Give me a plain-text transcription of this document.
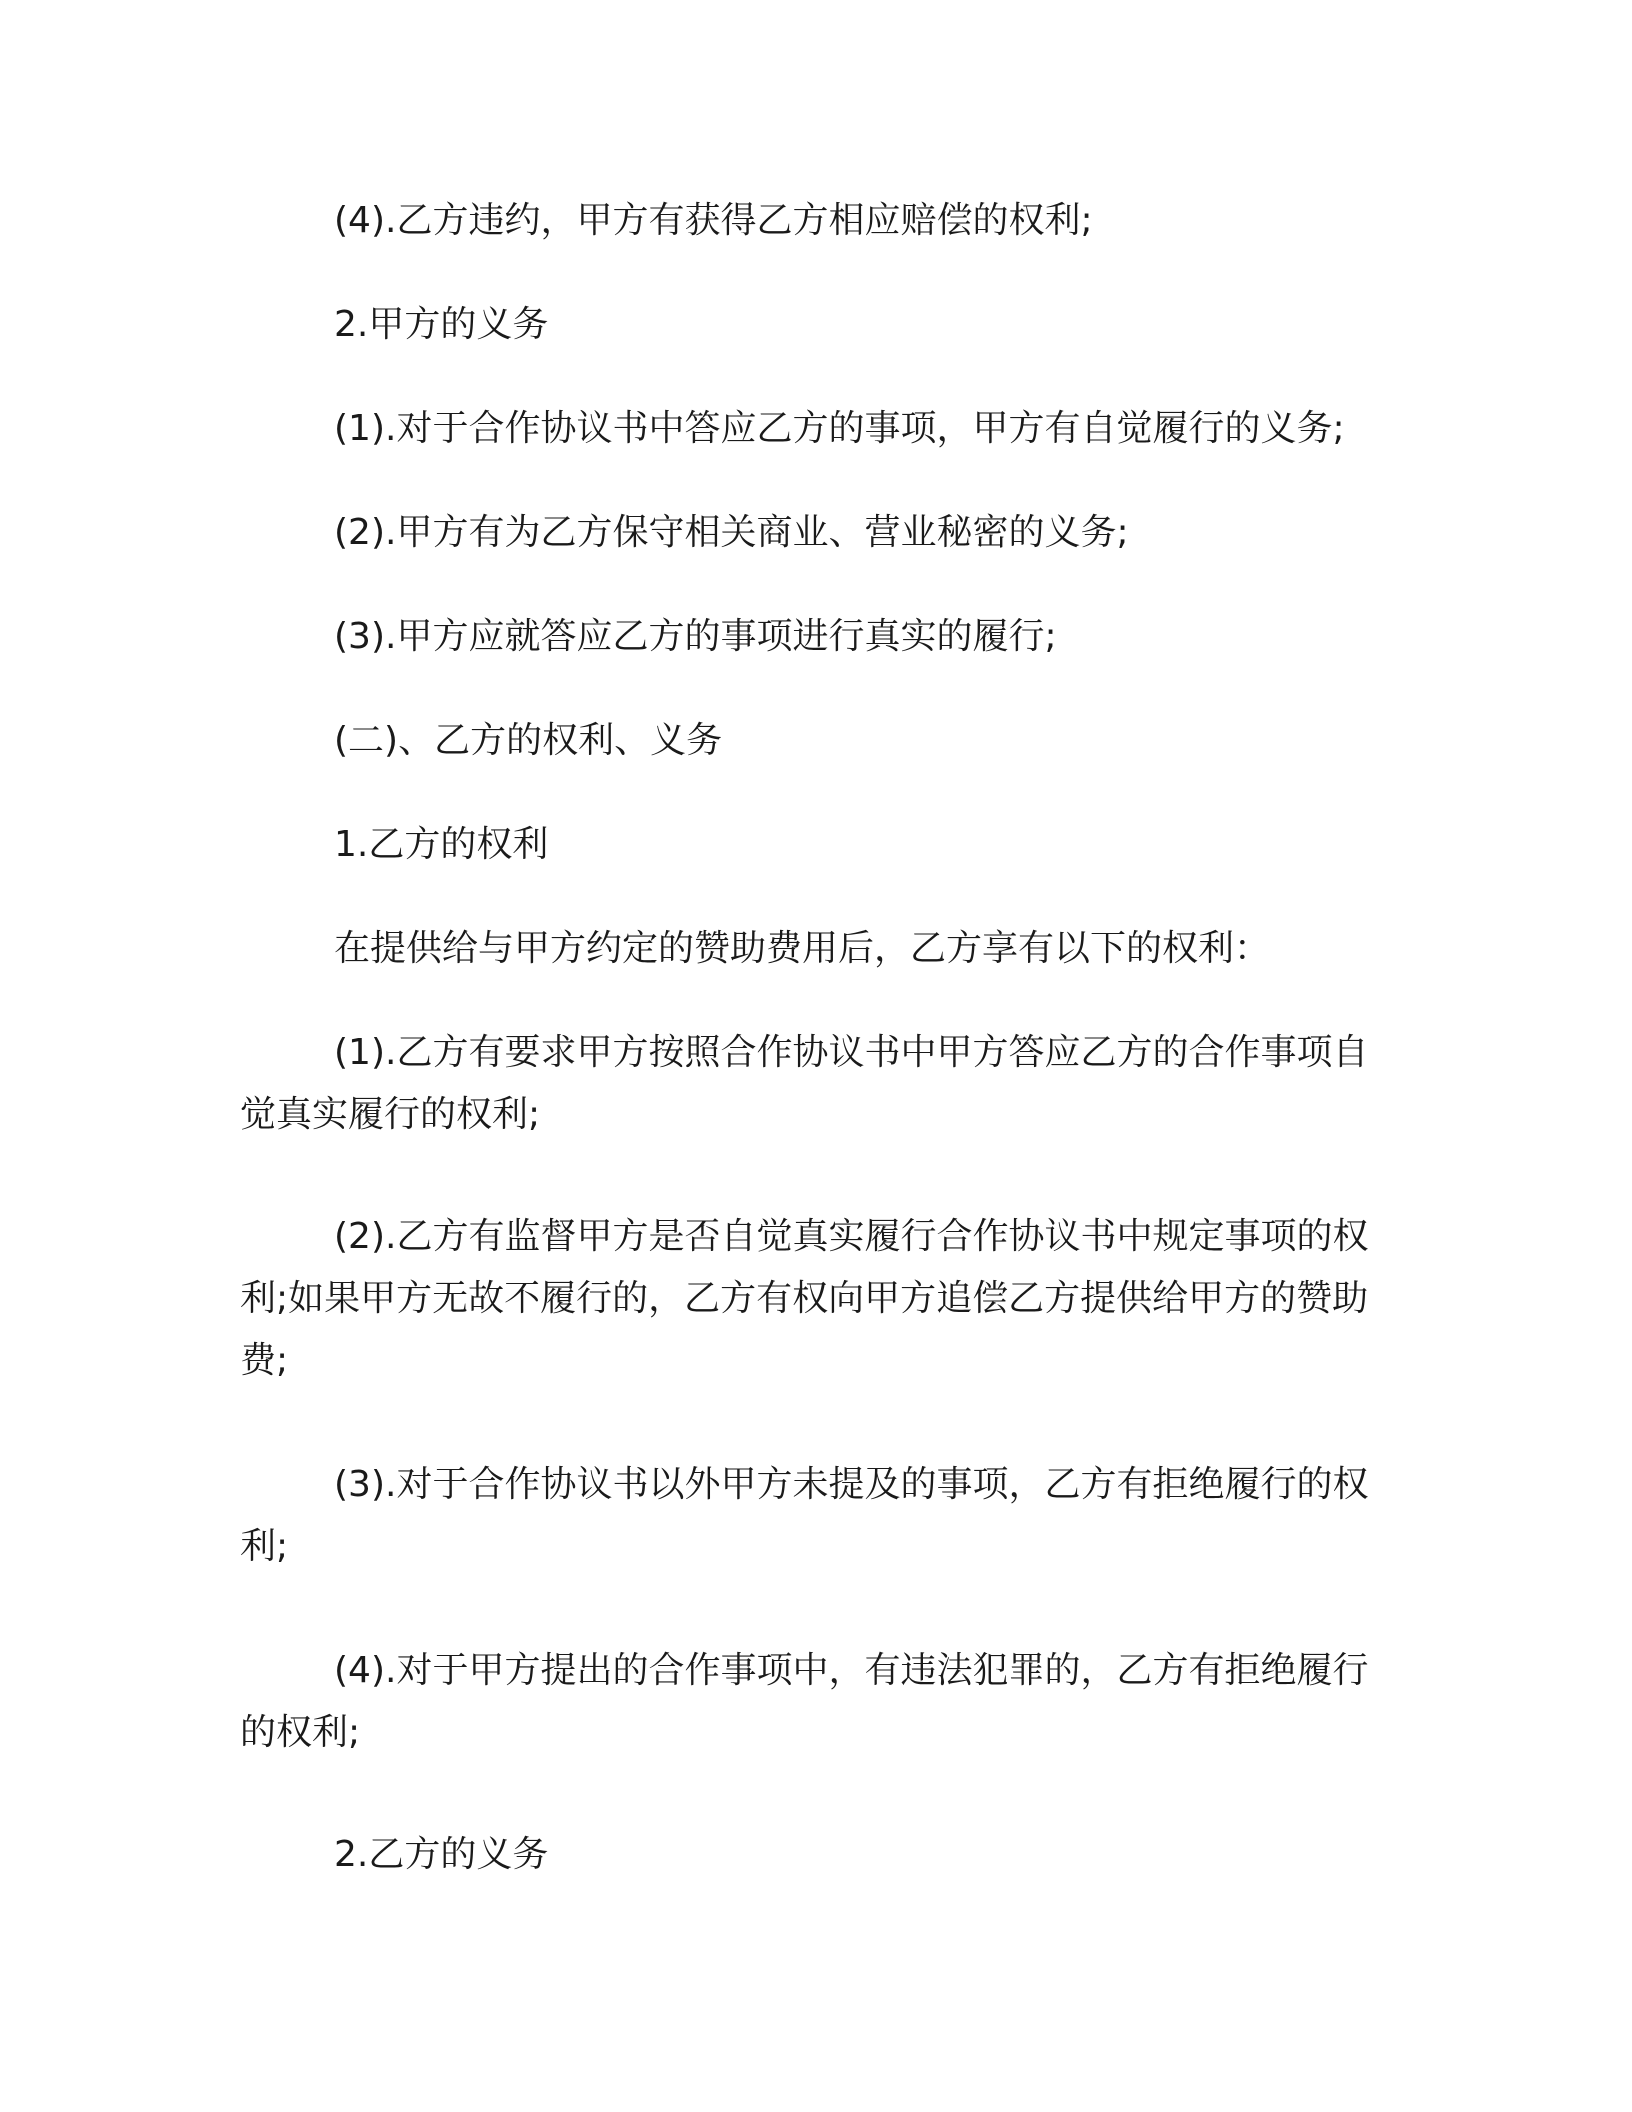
(4).乙方违约，甲方有获得乙方相应赔偿的权利;

2.甲方的义务

(1).对于合作协议书中答应乙方的事项，甲方有自觉履行的义务;

(2).甲方有为乙方保守相关商业、营业秘密的义务;

(3).甲方应就答应乙方的事项进行真实的履行;

(二)、乙方的权利、义务

1.乙方的权利

在提供给与甲方约定的赞助费用后，乙方享有以下的权利：

(1).乙方有要求甲方按照合作协议书中甲方答应乙方的合作事项自觉真实履行的权利;

(2).乙方有监督甲方是否自觉真实履行合作协议书中规定事项的权利;如果甲方无故不履行的，乙方有权向甲方追偿乙方提供给甲方的赞助费;

(3).对于合作协议书以外甲方未提及的事项，乙方有拒绝履行的权利;

(4).对于甲方提出的合作事项中，有违法犯罪的，乙方有拒绝履行的权利;

2.乙方的义务
